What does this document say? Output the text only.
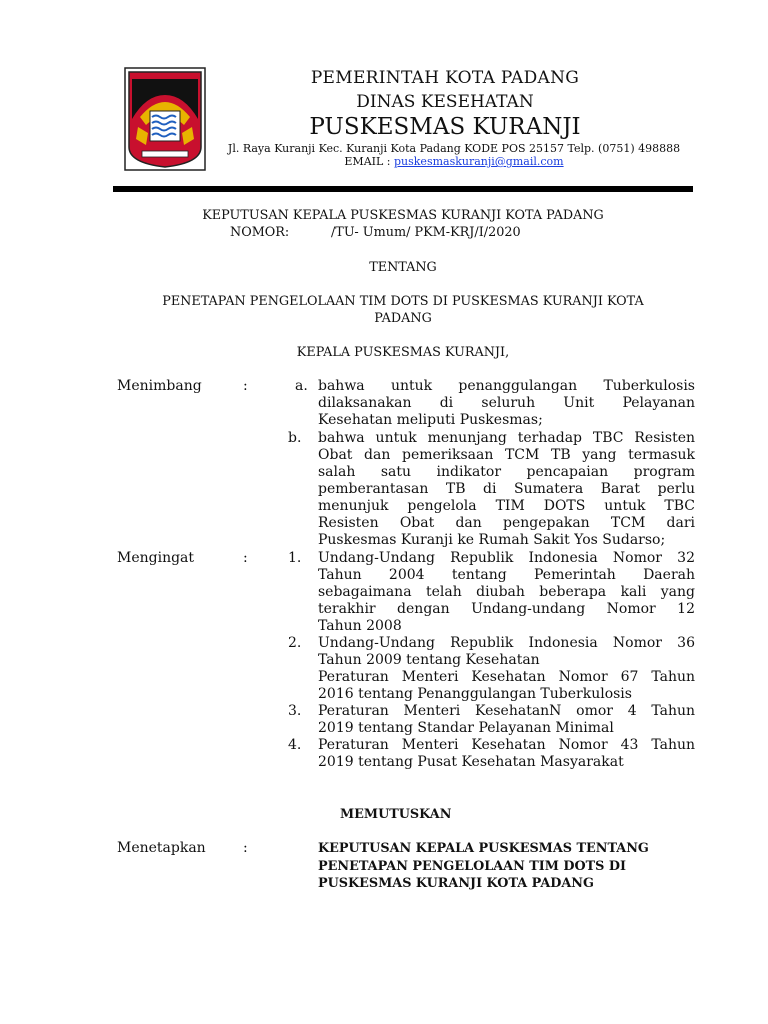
PEMERINTAH KOTA PADANG
DINAS KESEHATAN
PUSKESMAS KURANJI
Jl. Raya Kuranji Kec. Kuranji Kota Padang KODE POS 25157 Telp. (0751) 498888
EMAIL : puskesmaskuranji@gmail.com
KEPUTUSAN KEPALA PUSKESMAS KURANJI KOTA PADANG
NOMOR:	/TU- Umum/ PKM-KRJ/I/2020
TENTANG
PENETAPAN PENGELOLAAN TIM DOTS DI PUSKESMAS KURANJI KOTA
PADANG
KEPALA PUSKESMAS KURANJI,
Menimbang	:	a. bahwa untuk penanggulangan Tuberkulosis
dilaksanakan di seluruh Unit Pelayanan
Kesehatan meliputi Puskesmas;
b. bahwa untuk menunjang terhadap TBC Resisten
Obat dan pemeriksaan TCM TB yang termasuk
salah satu indikator pencapaian program
pemberantasan TB di Sumatera Barat perlu
menunjuk pengelola TIM DOTS untuk TBC
Resisten Obat dan pengepakan TCM dari
Puskesmas Kuranji ke Rumah Sakit Yos Sudarso;
Mengingat	:	1. Undang-Undang Republik Indonesia Nomor 32
Tahun 2004 tentang Pemerintah Daerah
sebagaimana telah diubah beberapa kali yang
terakhir dengan Undang-undang Nomor 12
Tahun 2008
2. Undang-Undang Republik Indonesia Nomor 36
Tahun 2009 tentang Kesehatan
Peraturan Menteri Kesehatan Nomor 67 Tahun
2016 tentang Penanggulangan Tuberkulosis
3. Peraturan Menteri KesehatanN omor 4 Tahun
2019 tentang Standar Pelayanan Minimal
4. Peraturan Menteri Kesehatan Nomor 43 Tahun
2019 tentang Pusat Kesehatan Masyarakat
MEMUTUSKAN
Menetapkan	:	KEPUTUSAN KEPALA PUSKESMAS TENTANG
PENETAPAN PENGELOLAAN TIM DOTS DI
PUSKESMAS KURANJI KOTA PADANG
